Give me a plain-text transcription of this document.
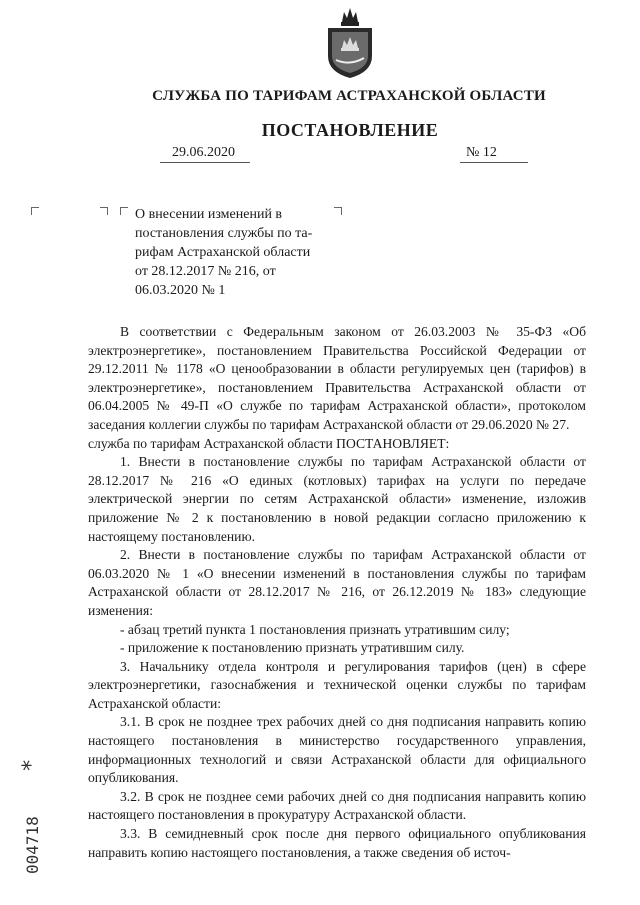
СЛУЖБА ПО ТАРИФАМ АСТРАХАНСКОЙ ОБЛАСТИ
ПОСТАНОВЛЕНИЕ
29.06.2020	№ 12
О внесении изменений в
постановления службы по та-
рифам Астраханской области
от 28.12.2017 № 216, от
06.03.2020 № 1

В соответствии с Федеральным законом от 26.03.2003 № 35-ФЗ «Об электроэнергетике», постановлением Правительства Российской Федерации от 29.12.2011 № 1178 «О ценообразовании в области регулируемых цен (тарифов) в электроэнергетике», постановлением Правительства Астраханской области от 06.04.2005 № 49-П «О службе по тарифам Астраханской области», протоколом заседания коллегии службы по тарифам Астраханской области от 29.06.2020 № 27.

служба по тарифам Астраханской области ПОСТАНОВЛЯЕТ:

1. Внести в постановление службы по тарифам Астраханской области от 28.12.2017 № 216 «О единых (котловых) тарифах на услуги по передаче электрической энергии по сетям Астраханской области» изменение, изложив приложение № 2 к постановлению в новой редакции согласно приложению к настоящему постановлению.

2. Внести в постановление службы по тарифам Астраханской области от 06.03.2020 № 1 «О внесении изменений в постановления службы по тарифам Астраханской области от 28.12.2017 № 216, от 26.12.2019 № 183» следующие изменения:

- абзац третий пункта 1 постановления признать утратившим силу;

- приложение к постановлению признать утратившим силу.

3. Начальнику отдела контроля и регулирования тарифов (цен) в сфере электроэнергетики, газоснабжения и технической оценки службы по тарифам Астраханской области:

3.1. В срок не позднее трех рабочих дней со дня подписания направить копию настоящего постановления в министерство государственного управления, информационных технологий и связи Астраханской области для официального опубликования.

3.2. В срок не позднее семи рабочих дней со дня подписания направить копию настоящего постановления в прокуратуру Астраханской области.

3.3. В семидневный срок после дня первого официального опубликования направить копию настоящего постановления, а также сведения об источ-

004718
*
